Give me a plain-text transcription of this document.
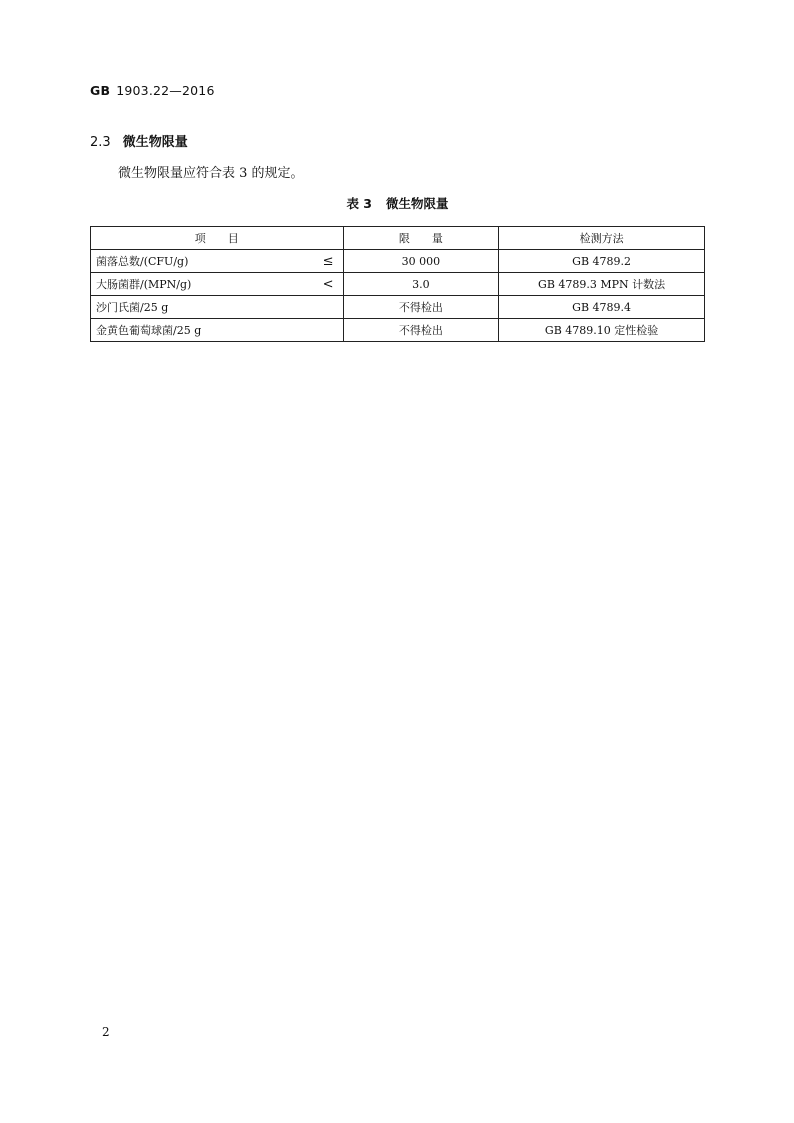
GB 1903.22—2016
2.3 微生物限量
微生物限量应符合表 3 的规定。
表 3 微生物限量
项　　目	限　　量	检测方法

菌落总数/(CFU/g) ≤	30 000	GB 4789.2

大肠菌群/(MPN/g) <	3.0	GB 4789.3 MPN 计数法

沙门氏菌/25 g	不得检出	GB 4789.4

金黄色葡萄球菌/25 g	不得检出	GB 4789.10 定性检验
2
